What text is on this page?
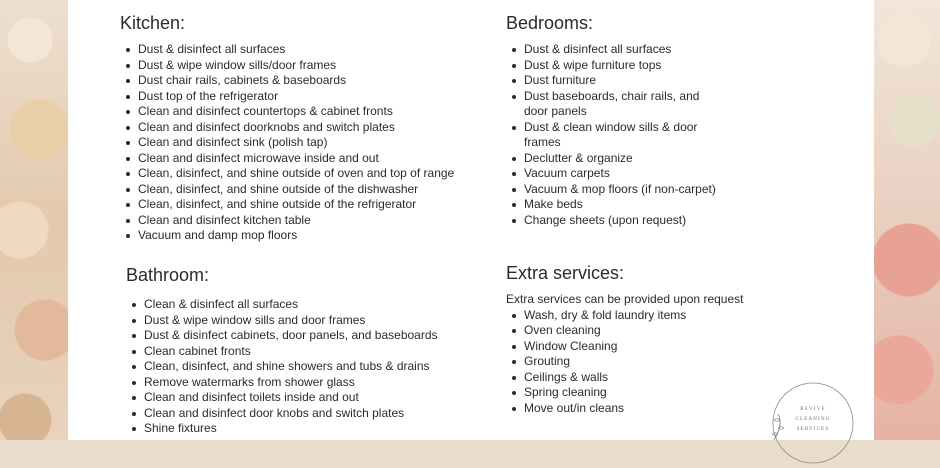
Kitchen:
Dust & disinfect all surfaces
Dust & wipe window sills/door frames
Dust chair rails, cabinets & baseboards
Dust top of the refrigerator
Clean and disinfect countertops & cabinet fronts
Clean and disinfect doorknobs and switch plates
Clean and disinfect sink (polish tap)
Clean and disinfect microwave inside and out
Clean, disinfect, and shine outside of oven and top of range
Clean, disinfect, and shine outside of the dishwasher
Clean, disinfect, and shine outside of the refrigerator
Clean and disinfect kitchen table
Vacuum and damp mop floors
Bedrooms:
Dust & disinfect all surfaces
Dust & wipe furniture tops
Dust furniture
Dust baseboards, chair rails, and door panels
Dust & clean window sills & door frames
Declutter & organize
Vacuum carpets
Vacuum & mop floors (if non-carpet)
Make beds
Change sheets (upon request)
Bathroom:
Clean & disinfect all surfaces
Dust & wipe window sills and door frames
Dust & disinfect cabinets, door panels, and baseboards
Clean cabinet fronts
Clean, disinfect, and shine showers and tubs & drains
Remove watermarks from shower glass
Clean and disinfect toilets inside and out
Clean and disinfect door knobs and switch plates
Shine fixtures
Extra services:
Extra services can be provided upon request
Wash, dry & fold laundry items
Oven cleaning
Window Cleaning
Grouting
Ceilings & walls
Spring cleaning
Move out/in cleans	REVIVE
CLEANING
SERVICES
